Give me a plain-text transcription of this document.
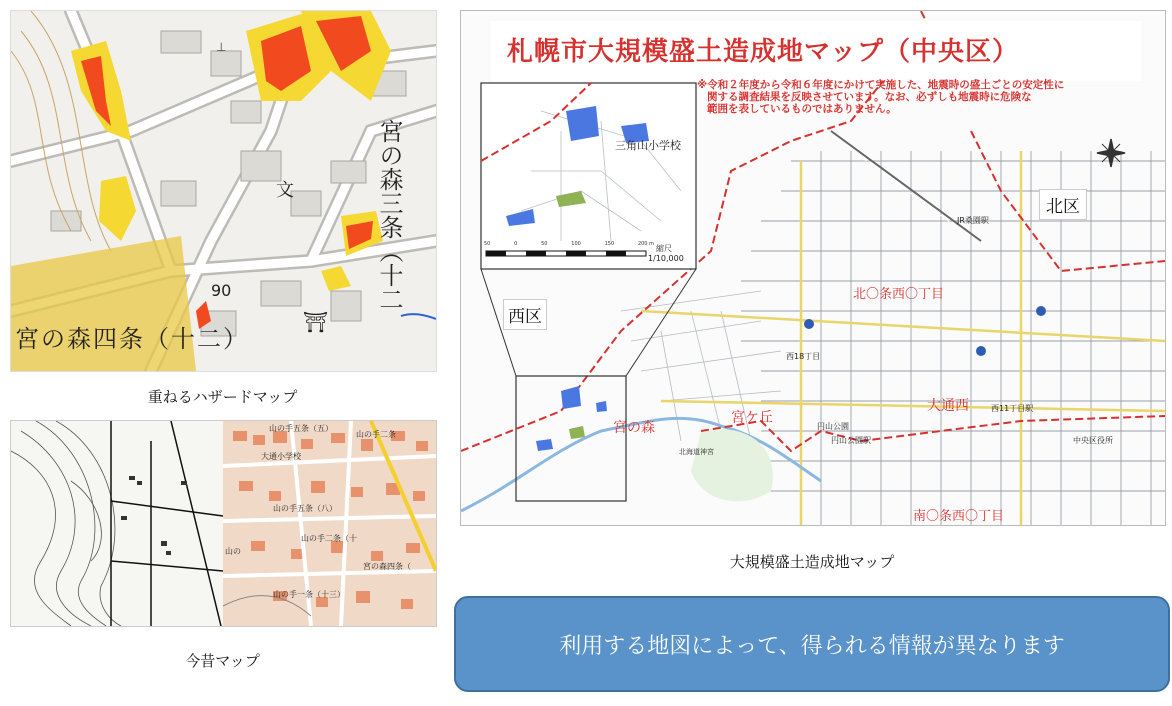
文
⛩
⊥
90	宮の森三条（十二
宮の森四条（十二）
重ねるハザードマップ
山の手五条（五）
山の手二条
山の手五条（八）
大通小学校
山の手二条（十
宮の森四条（
山の手一条（十三）
山の
今昔マップ
札幌市大規模盛土造成地マップ（中央区）
※令和２年度から令和６年度にかけて実施した、地震時の盛土ごとの安定性に
関する調査結果を反映させています。なお、必ずしも地震時に危険な
範囲を表しているものではありません。
三角山小学校
50	0	50	100	150	200 m 縮尺
1/10,000
西区
北区
宮の森
宮ケ丘
大通西
北〇条西〇丁目
南〇条西〇丁目
円山公園
西18丁目
中央区役所
北海道神宮
円山公園駅
JR桑園駅
西11丁目駅
大規模盛土造成地マップ
利用する地図によって、得られる情報が異なります
